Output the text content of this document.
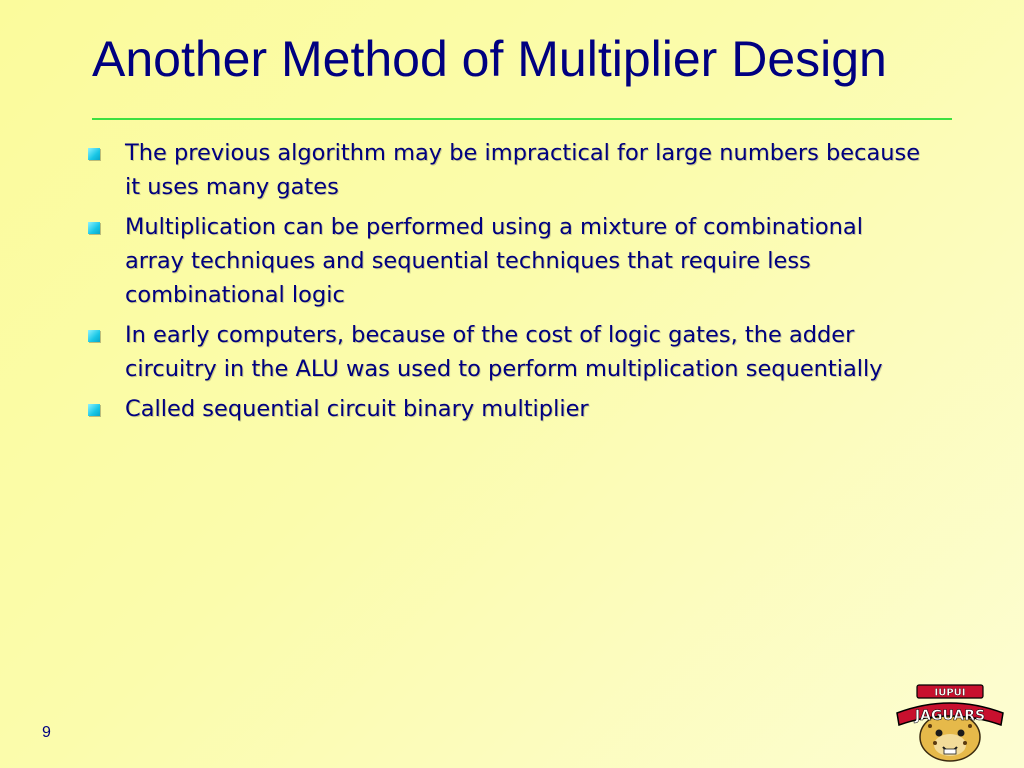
Another Method of Multiplier Design
The previous algorithm may be impractical for large numbers because it uses many gates
Multiplication can be performed using a mixture of combinational array techniques and sequential techniques that require less combinational logic
In early computers, because of the cost of logic gates, the adder circuitry in the ALU was used to perform multiplication sequentially
Called sequential circuit binary multiplier
9
IUPUI
JAGUARS
